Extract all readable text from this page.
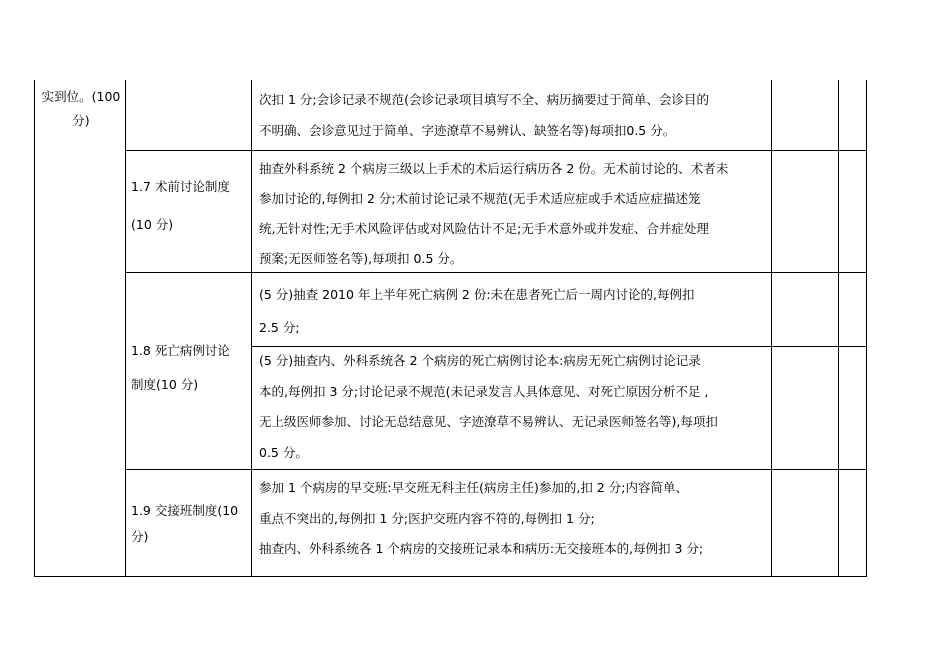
实到位。(100
分)
次扣 1 分;会诊记录不规范(会诊记录项目填写不全、病历摘要过于简单、会诊目的
不明确、会诊意见过于简单、字迹潦草不易辨认、缺签名等)每项扣0.5 分。
1.7 术前讨论制度

(10 分)
抽查外科系统 2 个病房三级以上手术的术后运行病历各 2 份。无术前讨论的、术者未
参加讨论的,每例扣 2 分;术前讨论记录不规范(无手术适应症或手术适应症描述笼
统,无针对性;无手术风险评估或对风险估计不足;无手术意外或并发症、合并症处理
预案;无医师签名等),每项扣 0.5 分。
1.8 死亡病例讨论

制度(10 分)
(5 分)抽查 2010 年上半年死亡病例 2 份:未在患者死亡后一周内讨论的,每例扣
2.5 分;
(5 分)抽查内、外科系统各 2 个病房的死亡病例讨论本:病房无死亡病例讨论记录
本的,每例扣 3 分;讨论记录不规范(未记录发言人具体意见、对死亡原因分析不足 ,
无上级医师参加、讨论无总结意见、字迹潦草不易辨认、无记录医师签名等),每项扣
0.5 分。
1.9 交接班制度(10
分)
参加 1 个病房的早交班:早交班无科主任(病房主任)参加的,扣 2 分;内容简单、
重点不突出的,每例扣 1 分;医护交班内容不符的,每例扣 1 分;
抽查内、外科系统各 1 个病房的交接班记录本和病历:无交接班本的,每例扣 3 分;
